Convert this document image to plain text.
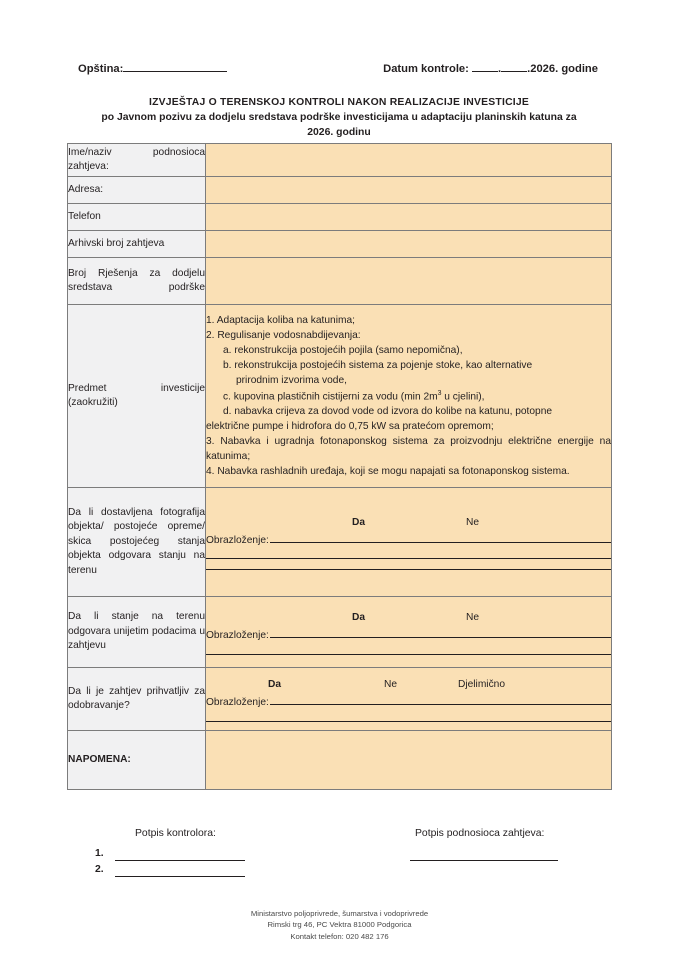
Opština:	Datum kontrole:	. .2026. godine
IZVJEŠTAJ O TERENSKOJ KONTROLI NAKON REALIZACIJE INVESTICIJE
po Javnom pozivu za dodjelu sredstava podrške investicijama u adaptaciju planinskih katuna za
2026. godinu
Ime/naziv podnosioca zahtjeva:	
Adresa:	
Telefon	
Arhivski broj zahtjeva	
Broj Rješenja za dodjelu sredstava podrške	
Predmet investicije (zaokružiti)	
1. Adaptacija koliba na katunima;
2. Regulisanje vodosnabdijevanja:
a. rekonstrukcija postojećih pojila (samo nepomična),
b. rekonstrukcija postojećih sistema za pojenje stoke, kao alternative
prirodnim izvorima vode,
c. kupovina plastičnih cistijerni za vodu (min $2m^3$ u cjelini),
d. nabavka crijeva za dovod vode od izvora do kolibe na katunu, potopne
električne pumpe i hidrofora do 0,75 kW sa pratećom opremom;
3. Nabavka i ugradnja fotonaponskog sistema za proizvodnju električne energije na katunima;
4. Nabavka rashladnih uređaja, koji se mogu napajati sa fotonaponskog sistema.

Da li dostavljena fotografija objekta/ postojeće opreme/ skica postojećeg stanja objekta odgovara stanju na terenu	Da Ne
Obrazloženje:

Da li stanje na terenu odgovara unijetim podacima u zahtjevu	Da Ne
Obrazloženje:

Da li je zahtjev prihvatljiv za odobravanje?	Da Ne Djelimično
Obrazloženje:

NAPOMENA:	
Potpis kontrolora:	Potpis podnosioca zahtjeva:
1.
2.
Ministarstvo poljoprivrede, šumarstva i vodoprivrede
Rimski trg 46, PC Vektra 81000 Podgorica
Kontakt telefon: 020 482 176
